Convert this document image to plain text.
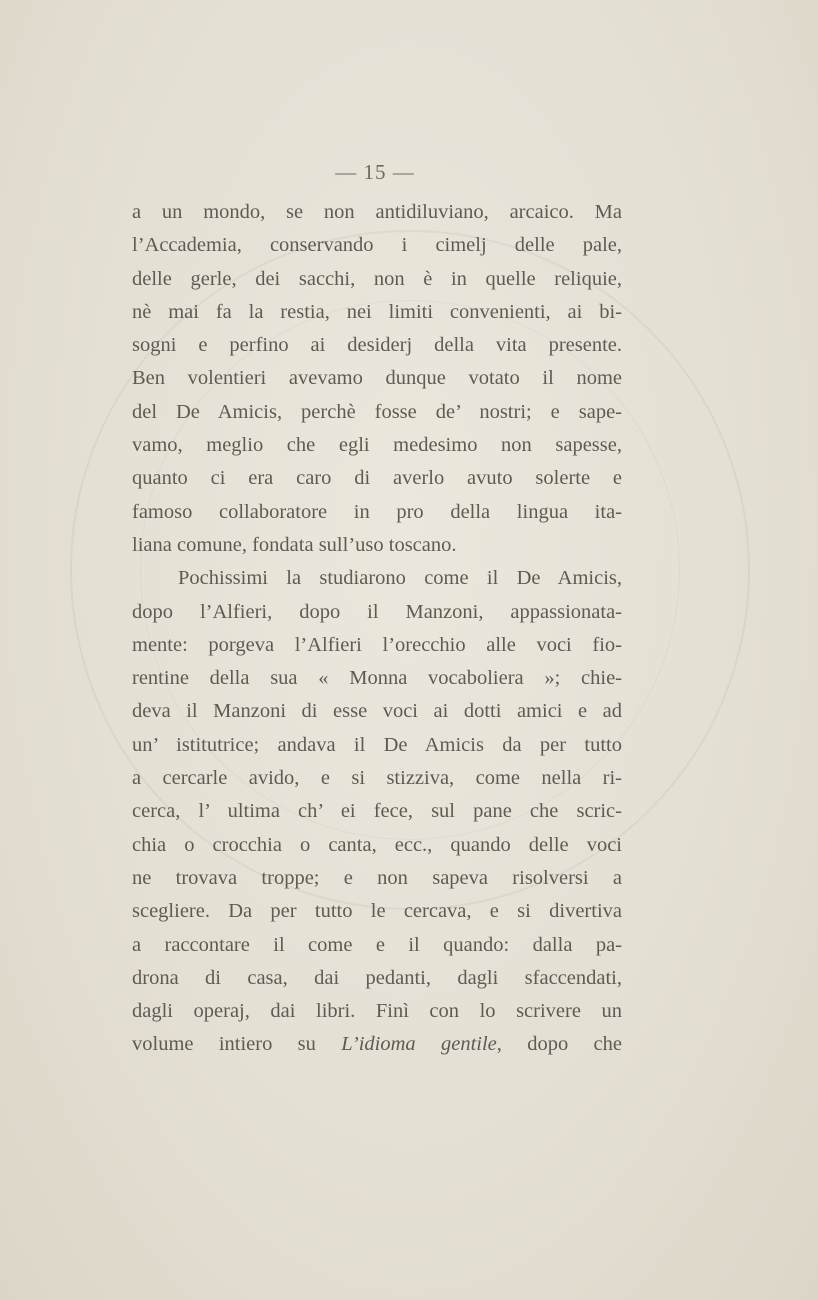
— 15 —
a un mondo, se non antidiluviano, arcaico. Ma
l’Accademia, conservando i cimelj delle pale,
delle gerle, dei sacchi, non è in quelle reliquie,
nè mai fa la restia, nei limiti convenienti, ai bi-
sogni e perfino ai desiderj della vita presente.
Ben volentieri avevamo dunque votato il nome
del De Amicis, perchè fosse de’ nostri; e sape-
vamo, meglio che egli medesimo non sapesse,
quanto ci era caro di averlo avuto solerte e
famoso collaboratore in pro della lingua ita-
liana comune, fondata sull’uso toscano.
Pochissimi la studiarono come il De Amicis,
dopo l’Alfieri, dopo il Manzoni, appassionata-
mente: porgeva l’Alfieri l’orecchio alle voci fio-
rentine della sua « Monna vocaboliera »; chie-
deva il Manzoni di esse voci ai dotti amici e ad
un’ istitutrice; andava il De Amicis da per tutto
a cercarle avido, e si stizziva, come nella ri-
cerca, l’ ultima ch’ ei fece, sul pane che scric-
chia o crocchia o canta, ecc., quando delle voci
ne trovava troppe; e non sapeva risolversi a
scegliere. Da per tutto le cercava, e si divertiva
a raccontare il come e il quando: dalla pa-
drona di casa, dai pedanti, dagli sfaccendati,
dagli operaj, dai libri. Finì con lo scrivere un
volume intiero su L’idioma gentile, dopo che
